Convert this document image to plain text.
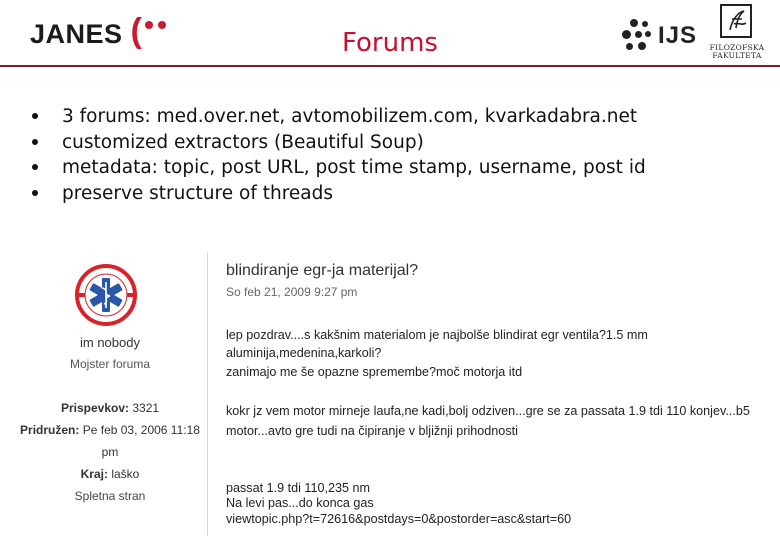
JANES (	Forums	IJS FILOZOFSKA
FAKULTETA
3 forums: med.over.net, avtomobilizem.com, kvarkadabra.net
customized extractors (Beautiful Soup)
metadata: topic, post URL, post time stamp, username, post id
preserve structure of threads
im nobody
Mojster foruma
Prispevkov: 3321
Pridružen: Pe feb 03, 2006 11:18
pm
Kraj: laško
Spletna stran
blindiranje egr-ja materijal?
So feb 21, 2009 9:27 pm
lep pozdrav....s kakšnim materialom je najbolše blindirat egr ventila?1.5 mm
aluminija,medenina,karkoli?
zanimajo me še opazne spremembe?moč motorja itd
kokr jz vem motor mirneje laufa,ne kadi,bolj odziven...gre se za passata 1.9 tdi 110 konjev...b5
motor...avto gre tudi na čipiranje v bljižnji prihodnosti
passat 1.9 tdi 110,235 nm
Na levi pas...do konca gas
viewtopic.php?t=72616&postdays=0&postorder=asc&start=60
